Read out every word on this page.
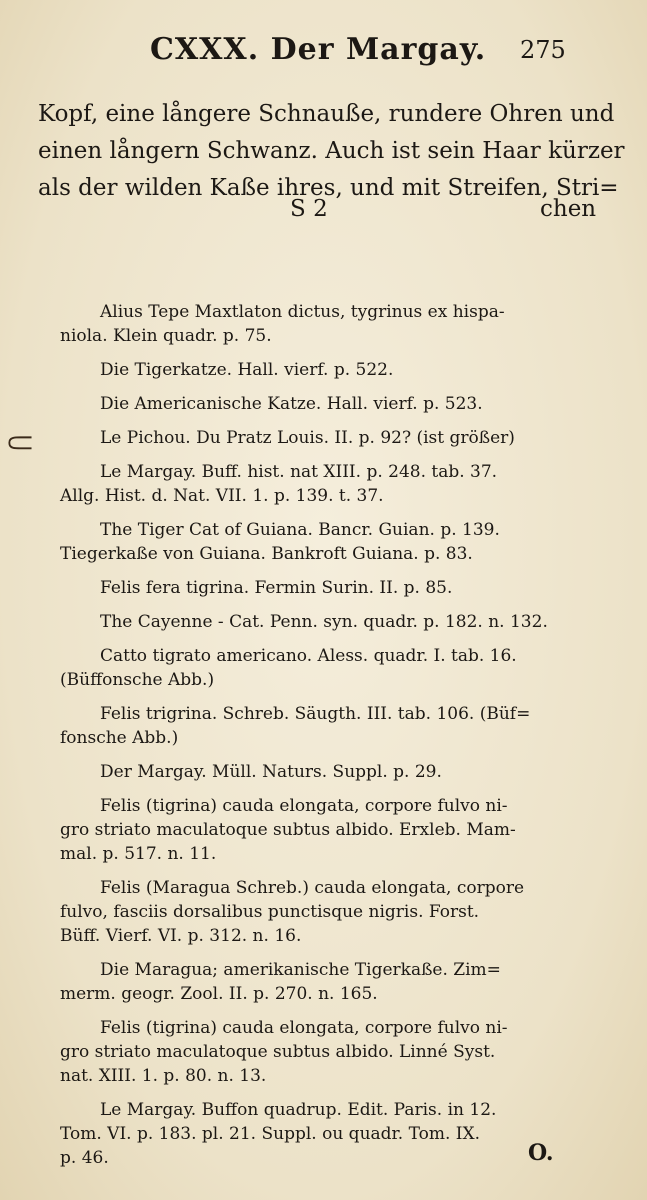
⸦
CXXX. Der Margay. 275
Kopf, eine långere Schnauße, rundere Ohren und
einen långern Schwanz. Auch ist sein Haar kürzer
als der wilden Kaße ihres, und mit Streifen, Stri=
S 2	chen
Alius Tepe Maxtlaton dictus, tygrinus ex hispa-
niola. Klein quadr. p. 75.
Die Tigerkatze. Hall. vierf. p. 522.
Die Americanische Katze. Hall. vierf. p. 523.
Le Pichou. Du Pratz Louis. II. p. 92? (ist größer)
Le Margay. Buff. hist. nat XIII. p. 248. tab. 37.
Allg. Hist. d. Nat. VII. 1. p. 139. t. 37.
The Tiger Cat of Guiana. Bancr. Guian. p. 139.
Tiegerkaße von Guiana. Bankroft Guiana. p. 83.
Felis fera tigrina. Fermin Surin. II. p. 85.
The Cayenne - Cat. Penn. syn. quadr. p. 182. n. 132.
Catto tigrato americano. Aless. quadr. I. tab. 16.
(Büffonsche Abb.)
Felis trigrina. Schreb. Säugth. III. tab. 106. (Büf=
fonsche Abb.)
Der Margay. Müll. Naturs. Suppl. p. 29.
Felis (tigrina) cauda elongata, corpore fulvo ni-
gro striato maculatoque subtus albido. Erxleb. Mam-
mal. p. 517. n. 11.
Felis (Maragua Schreb.) cauda elongata, corpore
fulvo, fasciis dorsalibus punctisque nigris. Forst.
Büff. Vierf. VI. p. 312. n. 16.
Die Maragua; amerikanische Tigerkaße. Zim=
merm. geogr. Zool. II. p. 270. n. 165.
Felis (tigrina) cauda elongata, corpore fulvo ni-
gro striato maculatoque subtus albido. Linné Syst.
nat. XIII. 1. p. 80. n. 13.
Le Margay. Buffon quadrup. Edit. Paris. in 12.
Tom. VI. p. 183. pl. 21. Suppl. ou quadr. Tom. IX.
p. 46.	O.
